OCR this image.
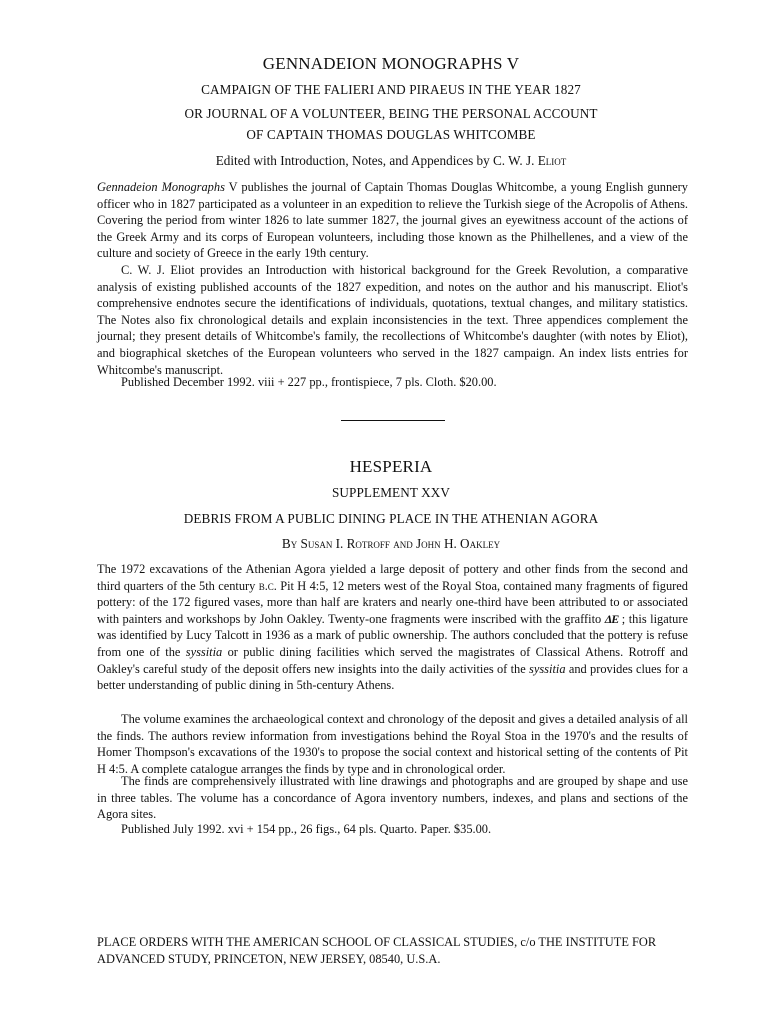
GENNADEION MONOGRAPHS V
CAMPAIGN OF THE FALIERI AND PIRAEUS IN THE YEAR 1827
OR JOURNAL OF A VOLUNTEER, BEING THE PERSONAL ACCOUNT
OF CAPTAIN THOMAS DOUGLAS WHITCOMBE
Edited with Introduction, Notes, and Appendices by C. W. J. Eliot

Gennadeion Monographs V publishes the journal of Captain Thomas Douglas Whitcombe, a young English gunnery officer who in 1827 participated as a volunteer in an expedition to relieve the Turkish siege of the Acropolis of Athens. Covering the period from winter 1826 to late summer 1827, the journal gives an eyewitness account of the actions of the Greek Army and its corps of European volunteers, including those known as the Philhellenes, and a view of the culture and society of Greece in the early 19th century.

C. W. J. Eliot provides an Introduction with historical background for the Greek Revolution, a comparative analysis of existing published accounts of the 1827 expedition, and notes on the author and his manuscript. Eliot's comprehensive endnotes secure the identifications of individuals, quotations, textual changes, and military statistics. The Notes also fix chronological details and explain inconsistencies in the text. Three appendices complement the journal; they present details of Whitcombe's family, the recollections of Whitcombe's daughter (with notes by Eliot), and biographical sketches of the European volunteers who served in the 1827 campaign. An index lists entries for Whitcombe's manuscript.

Published December 1992. viii + 227 pp., frontispiece, 7 pls. Cloth. $20.00.

HESPERIA
SUPPLEMENT XXV
DEBRIS FROM A PUBLIC DINING PLACE IN THE ATHENIAN AGORA
By Susan I. Rotroff and John H. Oakley

The 1972 excavations of the Athenian Agora yielded a large deposit of pottery and other finds from the second and third quarters of the 5th century b.c. Pit H 4:5, 12 meters west of the Royal Stoa, contained many fragments of figured pottery: of the 172 figured vases, more than half are kraters and nearly one-third have been attributed to or associated with painters and workshops by John Oakley. Twenty-one fragments were inscribed with the graffito ΔΕ ; this ligature was identified by Lucy Talcott in 1936 as a mark of public ownership. The authors concluded that the pottery is refuse from one of the syssitia or public dining facilities which served the magistrates of Classical Athens. Rotroff and Oakley's careful study of the deposit offers new insights into the daily activities of the syssitia and provides clues for a better understanding of public dining in 5th-century Athens.

The volume examines the archaeological context and chronology of the deposit and gives a detailed analysis of all the finds. The authors review information from investigations behind the Royal Stoa in the 1970's and the results of Homer Thompson's excavations of the 1930's to propose the social context and historical setting of the contents of Pit H 4:5. A complete catalogue arranges the finds by type and in chronological order.

The finds are comprehensively illustrated with line drawings and photographs and are grouped by shape and use in three tables. The volume has a concordance of Agora inventory numbers, indexes, and plans and sections of the Agora sites.

Published July 1992. xvi + 154 pp., 26 figs., 64 pls. Quarto. Paper. $35.00.

PLACE ORDERS WITH THE AMERICAN SCHOOL OF CLASSICAL STUDIES, c/o THE INSTITUTE FOR
ADVANCED STUDY, PRINCETON, NEW JERSEY, 08540, U.S.A.
